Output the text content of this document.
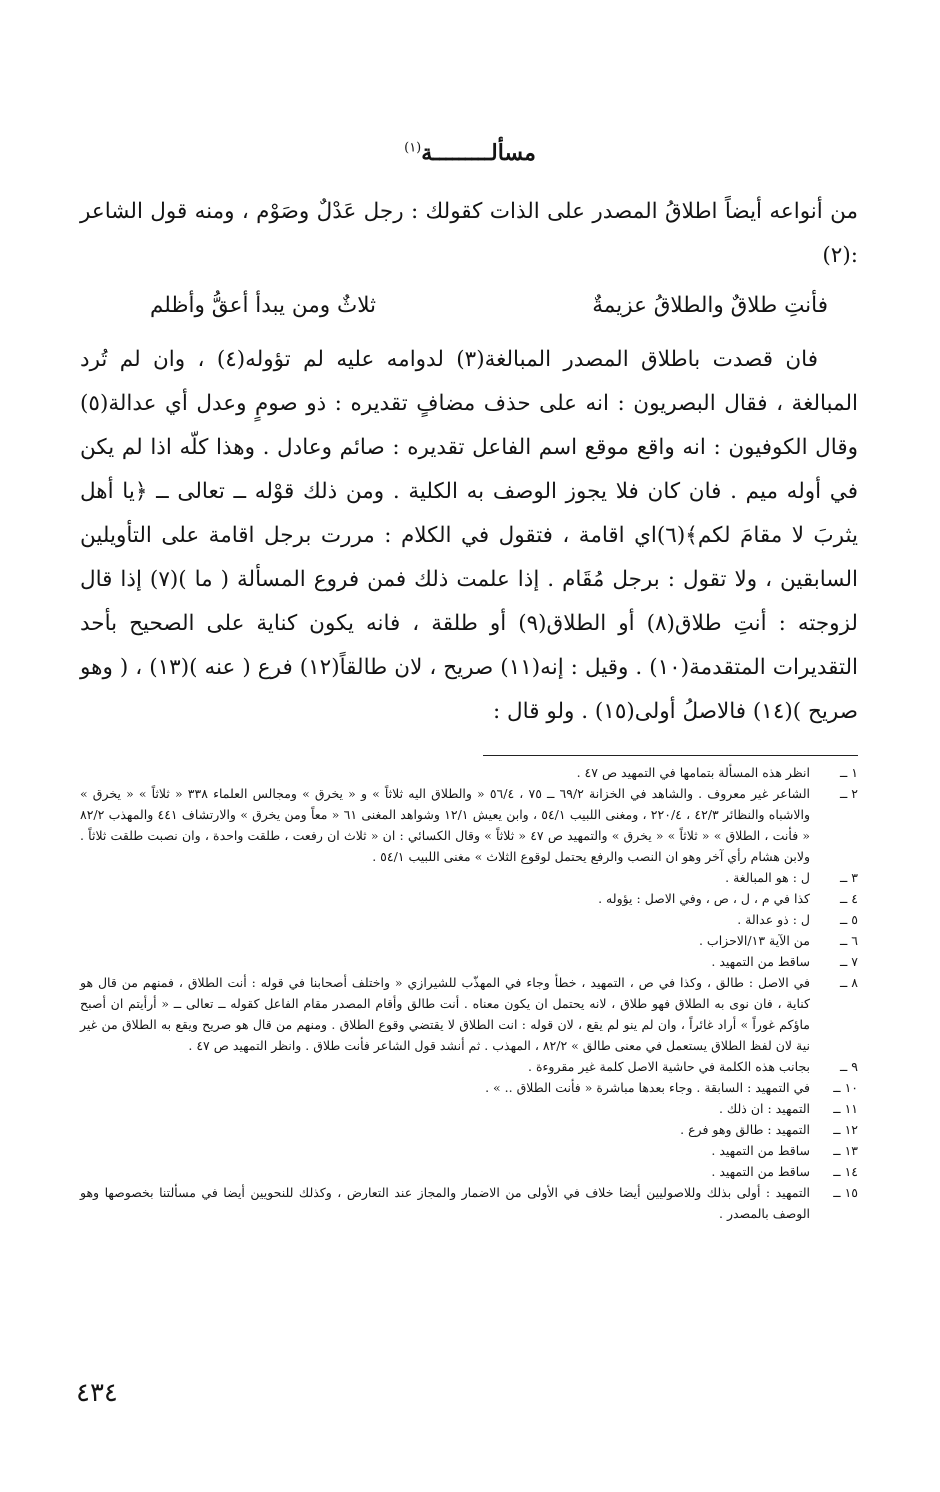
مسألـــــــــة$^{(١)}$

من أنواعه أيضاً اطلاقُ المصدر على الذات كقولك : رجل عَدْلٌ وصَوْم ، ومنه قول الشاعر :(٢)

فأنتِ طلاقٌ والطلاقُ عزيمةٌ
ثلاثٌ ومن يبدأ أعقُّ وأظلم

فان قصدت باطلاق المصدر المبالغة(٣) لدوامه عليه لم تؤوله(٤) ، وان لم تُرد المبالغة ، فقال البصريون : انه على حذف مضافٍ تقديره : ذو صومٍ وعدل أي عدالة(٥) وقال الكوفيون : انه واقع موقع اسم الفاعل تقديره : صائم وعادل . وهذا كلّه اذا لم يكن في أوله ميم . فان كان فلا يجوز الوصف به الكلية . ومن ذلك قوْله ــ تعالى ــ ﴿يا أهل يثربَ لا مقامَ لكم﴾(٦)اي اقامة ، فتقول في الكلام : مررت برجل اقامة على التأويلين السابقين ، ولا تقول : برجل مُقَام . إذا علمت ذلك فمن فروع المسألة ( ما )(٧) إذا قال لزوجته : أنتِ طلاق(٨) أو الطلاق(٩) أو طلقة ، فانه يكون كناية على الصحيح بأحد التقديرات المتقدمة(١٠) . وقيل : إنه(١١) صريح ، لان طالقاً(١٢) فرع ( عنه )(١٣) ، ( وهو صريح )(١٤) فالاصلُ أولى(١٥) . ولو قال :

١ ــ
انظر هذه المسألة بتمامها في التمهيد ص ٤٧ .
٢ ــ
الشاعر غير معروف . والشاهد في الخزانة ٦٩/٢ ــ ٧٥ ، ٥٦/٤ « والطلاق اليه ثلاثاً » و « يخرق » ومجالس العلماء ٣٣٨ « ثلاثاً » « يخرق » والاشباه والنظائر ٤٢/٣ ، ٢٢٠/٤ ، ومغنى اللبيب ٥٤/١ ، وابن يعيش ١٢/١ وشواهد المغنى ٦١ « معاً ومن يخرق » والارتشاف ٤٤١ والمهذب ٨٢/٢ « فأنت ، الطلاق » « ثلاثاً » « يخرق » والتمهيد ص ٤٧ « ثلاثاً » وقال الكسائي : ان « ثلاث ان رفعت ، طلقت واحدة ، وان نصبت طلقت ثلاثاً . ولابن هشام رأي آخر وهو ان النصب والرفع يحتمل لوقوع الثلاث » مغنى اللبيب ٥٤/١ .
٣ ــ
ل : هو المبالغة .
٤ ــ
كذا في م ، ل ، ص ، وفي الاصل : يؤوله .
٥ ــ
ل : ذو عدالة .
٦ ــ
من الآية ١٣/الاحزاب .
٧ ــ
ساقط من التمهيد .
٨ ــ
في الاصل : طالق ، وكذا في ص ، التمهيد ، خطأ وجاء في المهذّب للشيرازي « واختلف أصحابنا في قوله : أنت الطلاق ، فمنهم من قال هو كناية ، فان نوى به الطلاق فهو طلاق ، لانه يحتمل ان يكون معناه . أنت طالق وأقام المصدر مقام الفاعل كقوله ــ تعالى ــ « أرأيتم ان أصبح ماؤكم غوراً » أراد غائراً ، وان لم ينو لم يقع ، لان قوله : انت الطلاق لا يقتضي وقوع الطلاق . ومنهم من قال هو صريح ويقع به الطلاق من غير نية لان لفظ الطلاق يستعمل في معنى طالق » ٨٢/٢ ، المهذب . ثم أنشد قول الشاعر فأنت طلاق . وانظر التمهيد ص ٤٧ .
٩ ــ
بجانب هذه الكلمة في حاشية الاصل كلمة غير مقروءة .
١٠ ــ
في التمهيد : السابقة . وجاء بعدها مباشرة « فأنت الطلاق .. » .
١١ ــ
التمهيد : ان ذلك .
١٢ ــ
التمهيد : طالق وهو فرع .
١٣ ــ
ساقط من التمهيد .
١٤ ــ
ساقط من التمهيد .
١٥ ــ
التمهيد : أولى بذلك وللاصوليين أيضا خلاف في الأولى من الاضمار والمجاز عند التعارض ، وكذلك للنحويين أيضا في مسألتنا بخصوصها وهو الوصف بالمصدر .
٤٣٤
